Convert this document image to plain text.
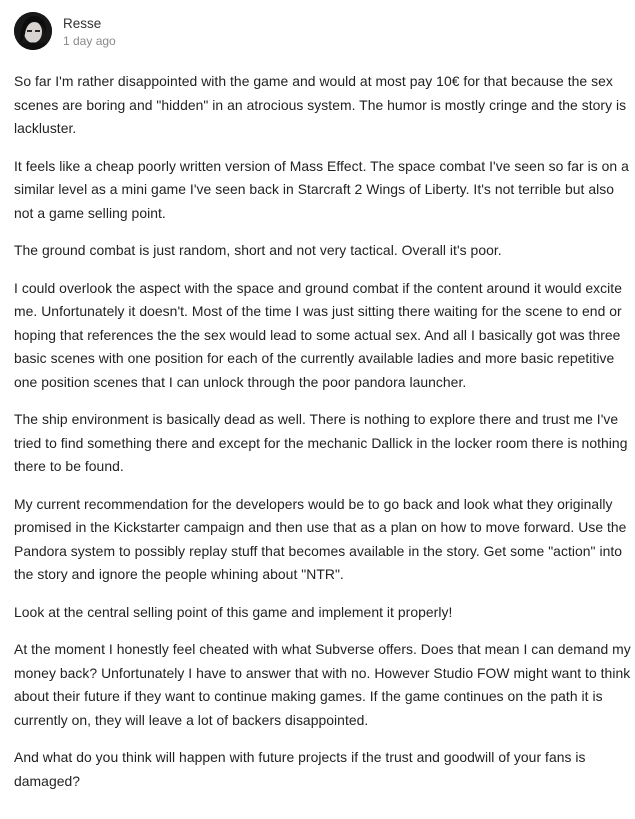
Resse
1 day ago

So far I'm rather disappointed with the game and would at most pay 10€ for that because the sex scenes are boring and "hidden" in an atrocious system. The humor is mostly cringe and the story is lackluster.

It feels like a cheap poorly written version of Mass Effect. The space combat I've seen so far is on a similar level as a mini game I've seen back in Starcraft 2 Wings of Liberty. It's not terrible but also not a game selling point.

The ground combat is just random, short and not very tactical. Overall it's poor.

I could overlook the aspect with the space and ground combat if the content around it would excite me. Unfortunately it doesn't. Most of the time I was just sitting there waiting for the scene to end or hoping that references the the sex would lead to some actual sex. And all I basically got was three basic scenes with one position for each of the currently available ladies and more basic repetitive one position scenes that I can unlock through the poor pandora launcher.

The ship environment is basically dead as well. There is nothing to explore there and trust me I've tried to find something there and except for the mechanic Dallick in the locker room there is nothing there to be found.

My current recommendation for the developers would be to go back and look what they originally promised in the Kickstarter campaign and then use that as a plan on how to move forward. Use the Pandora system to possibly replay stuff that becomes available in the story. Get some "action" into the story and ignore the people whining about "NTR".

Look at the central selling point of this game and implement it properly!

At the moment I honestly feel cheated with what Subverse offers. Does that mean I can demand my money back? Unfortunately I have to answer that with no. However Studio FOW might want to think about their future if they want to continue making games. If the game continues on the path it is currently on, they will leave a lot of backers disappointed.

And what do you think will happen with future projects if the trust and goodwill of your fans is damaged?
